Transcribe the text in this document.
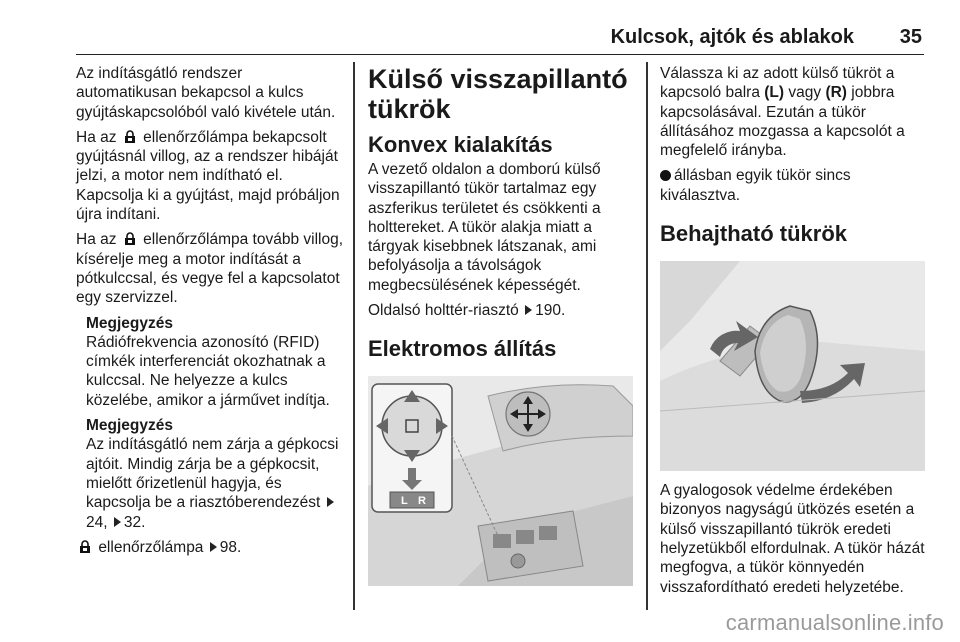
Kulcsok, ajtók és ablakok 35

Az indításgátló rendszer automatikusan bekapcsol a kulcs gyújtáskapcsolóból való kivétele után.

Ha az ellenőrzőlámpa bekapcsolt gyújtásnál villog, az a rendszer hibáját jelzi, a motor nem indítható el. Kapcsolja ki a gyújtást, majd próbáljon újra indítani.

Ha az ellenőrzőlámpa tovább villog, kísérelje meg a motor indítását a pótkulccsal, és vegye fel a kapcsolatot egy szervizzel.

Megjegyzés
Rádiófrekvencia azonosító (RFID) címkék interferenciát okozhatnak a kulccsal. Ne helyezze a kulcs közelébe, amikor a járművet indítja.
Megjegyzés
Az indításgátló nem zárja a gépkocsi ajtóit. Mindig zárja be a gépkocsit, mielőtt őrizetlenül hagyja, és kapcsolja be a riasztóberendezést 24, 32.

ellenőrzőlámpa 98.

Külső visszapillantó tükrök
Konvex kialakítás

A vezető oldalon a domború külső visszapillantó tükör tartalmaz egy aszferikus területet és csökkenti a holttereket. A tükör alakja miatt a tárgyak kisebbnek látszanak, ami befolyásolja a távolságok megbecsülésének képességét.

Oldalsó holttér-riasztó 190.

Elektromos állítás
L R

Válassza ki az adott külső tükröt a kapcsoló balra (L) vagy (R) jobbra kapcsolásával. Ezután a tükör állításához mozgassa a kapcsolót a megfelelő irányba.

állásban egyik tükör sincs kiválasztva.

Behajtható tükrök

A gyalogosok védelme érdekében bizonyos nagyságú ütközés esetén a külső visszapillantó tükrök eredeti helyzetükből elfordulnak. A tükör házát megfogva, a tükör könnyedén visszafordítható eredeti helyzetébe.

carmanualsonline.info
